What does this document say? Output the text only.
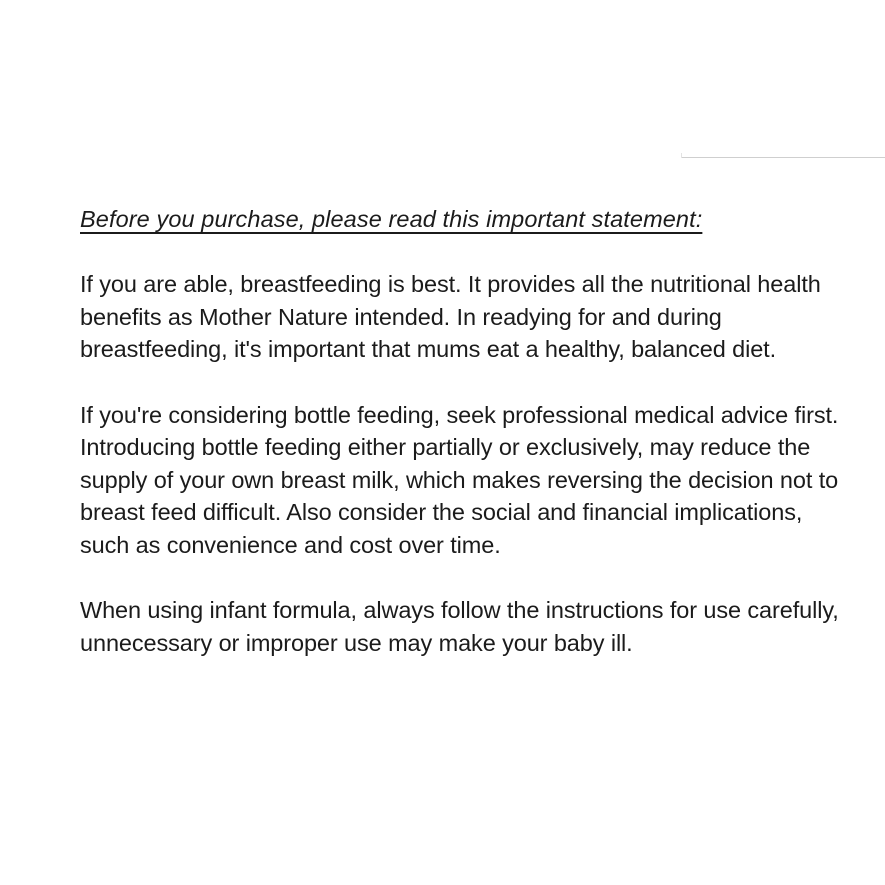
Before you purchase, please read this important statement:

If you are able, breastfeeding is best. It provides all the nutritional health benefits as Mother Nature intended. In readying for and during breastfeeding, it's important that mums eat a healthy, balanced diet.

If you're considering bottle feeding, seek professional medical advice first. Introducing bottle feeding either partially or exclusively, may reduce the supply of your own breast milk, which makes reversing the decision not to breast feed difficult. Also consider the social and financial implications, such as convenience and cost over time.

When using infant formula, always follow the instructions for use carefully, unnecessary or improper use may make your baby ill.
